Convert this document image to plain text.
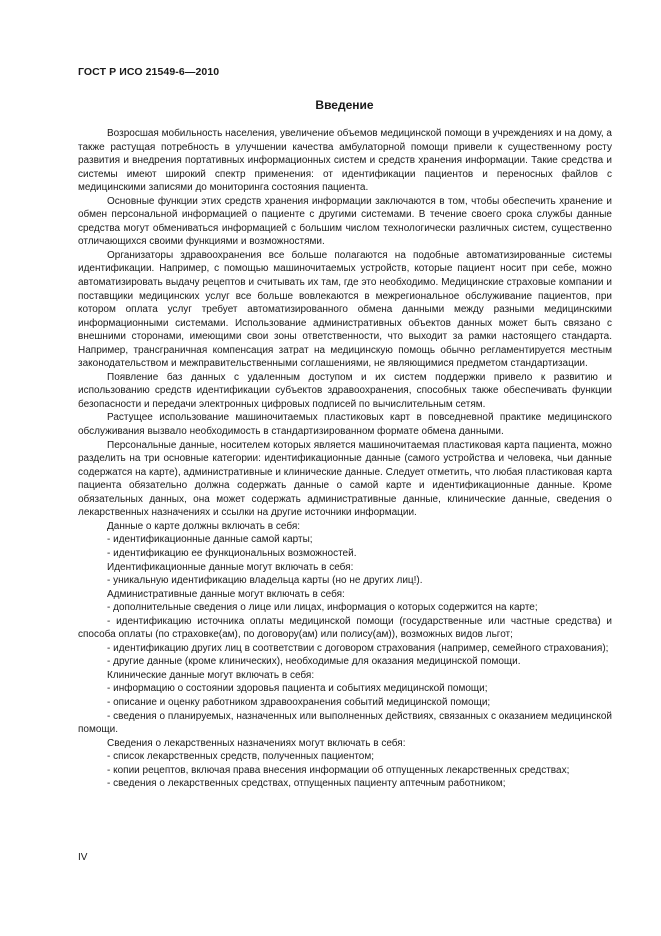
ГОСТ Р ИСО 21549-6—2010
Введение

Возросшая мобильность населения, увеличение объемов медицинской помощи в учреждениях и на дому, а также растущая потребность в улучшении качества амбулаторной помощи привели к существенному росту развития и внедрения портативных информационных систем и средств хранения информации. Такие средства и системы имеют широкий спектр применения: от идентификации пациентов и переносных файлов с медицинскими записями до мониторинга состояния пациента.

Основные функции этих средств хранения информации заключаются в том, чтобы обеспечить хранение и обмен персональной информацией о пациенте с другими системами. В течение своего срока службы данные средства могут обмениваться информацией с большим числом технологически различных систем, существенно отличающихся своими функциями и возможностями.

Организаторы здравоохранения все больше полагаются на подобные автоматизированные системы идентификации. Например, с помощью машиночитаемых устройств, которые пациент носит при себе, можно автоматизировать выдачу рецептов и считывать их там, где это необходимо. Медицинские страховые компании и поставщики медицинских услуг все больше вовлекаются в межрегиональное обслуживание пациентов, при котором оплата услуг требует автоматизированного обмена данными между разными медицинскими информационными системами. Использование административных объектов данных может быть связано с внешними сторонами, имеющими свои зоны ответственности, что выходит за рамки настоящего стандарта. Например, трансграничная компенсация затрат на медицинскую помощь обычно регламентируется местным законодательством и межправительственными соглашениями, не являющимися предметом стандартизации.

Появление баз данных с удаленным доступом и их систем поддержки привело к развитию и использованию средств идентификации субъектов здравоохранения, способных также обеспечивать функции безопасности и передачи электронных цифровых подписей по вычислительным сетям.

Растущее использование машиночитаемых пластиковых карт в повседневной практике медицинского обслуживания вызвало необходимость в стандартизированном формате обмена данными.

Персональные данные, носителем которых является машиночитаемая пластиковая карта пациента, можно разделить на три основные категории: идентификационные данные (самого устройства и человека, чьи данные содержатся на карте), административные и клинические данные. Следует отметить, что любая пластиковая карта пациента обязательно должна содержать данные о самой карте и идентификационные данные. Кроме обязательных данных, она может содержать административные данные, клинические данные, сведения о лекарственных назначениях и ссылки на другие источники информации.

Данные о карте должны включать в себя:

- идентификационные данные самой карты;

- идентификацию ее функциональных возможностей.

Идентификационные данные могут включать в себя:

- уникальную идентификацию владельца карты (но не других лиц!).

Административные данные могут включать в себя:

- дополнительные сведения о лице или лицах, информация о которых содержится на карте;

- идентификацию источника оплаты медицинской помощи (государственные или частные средства) и способа оплаты (по страховке(ам), по договору(ам) или полису(ам)), возможных видов льгот;

- идентификацию других лиц в соответствии с договором страхования (например, семейного страхования);

- другие данные (кроме клинических), необходимые для оказания медицинской помощи.

Клинические данные могут включать в себя:

- информацию о состоянии здоровья пациента и событиях медицинской помощи;

- описание и оценку работником здравоохранения событий медицинской помощи;

- сведения о планируемых, назначенных или выполненных действиях, связанных с оказанием медицинской помощи.

Сведения о лекарственных назначениях могут включать в себя:

- список лекарственных средств, полученных пациентом;

- копии рецептов, включая права внесения информации об отпущенных лекарственных средствах;

- сведения о лекарственных средствах, отпущенных пациенту аптечным работником;

IV
